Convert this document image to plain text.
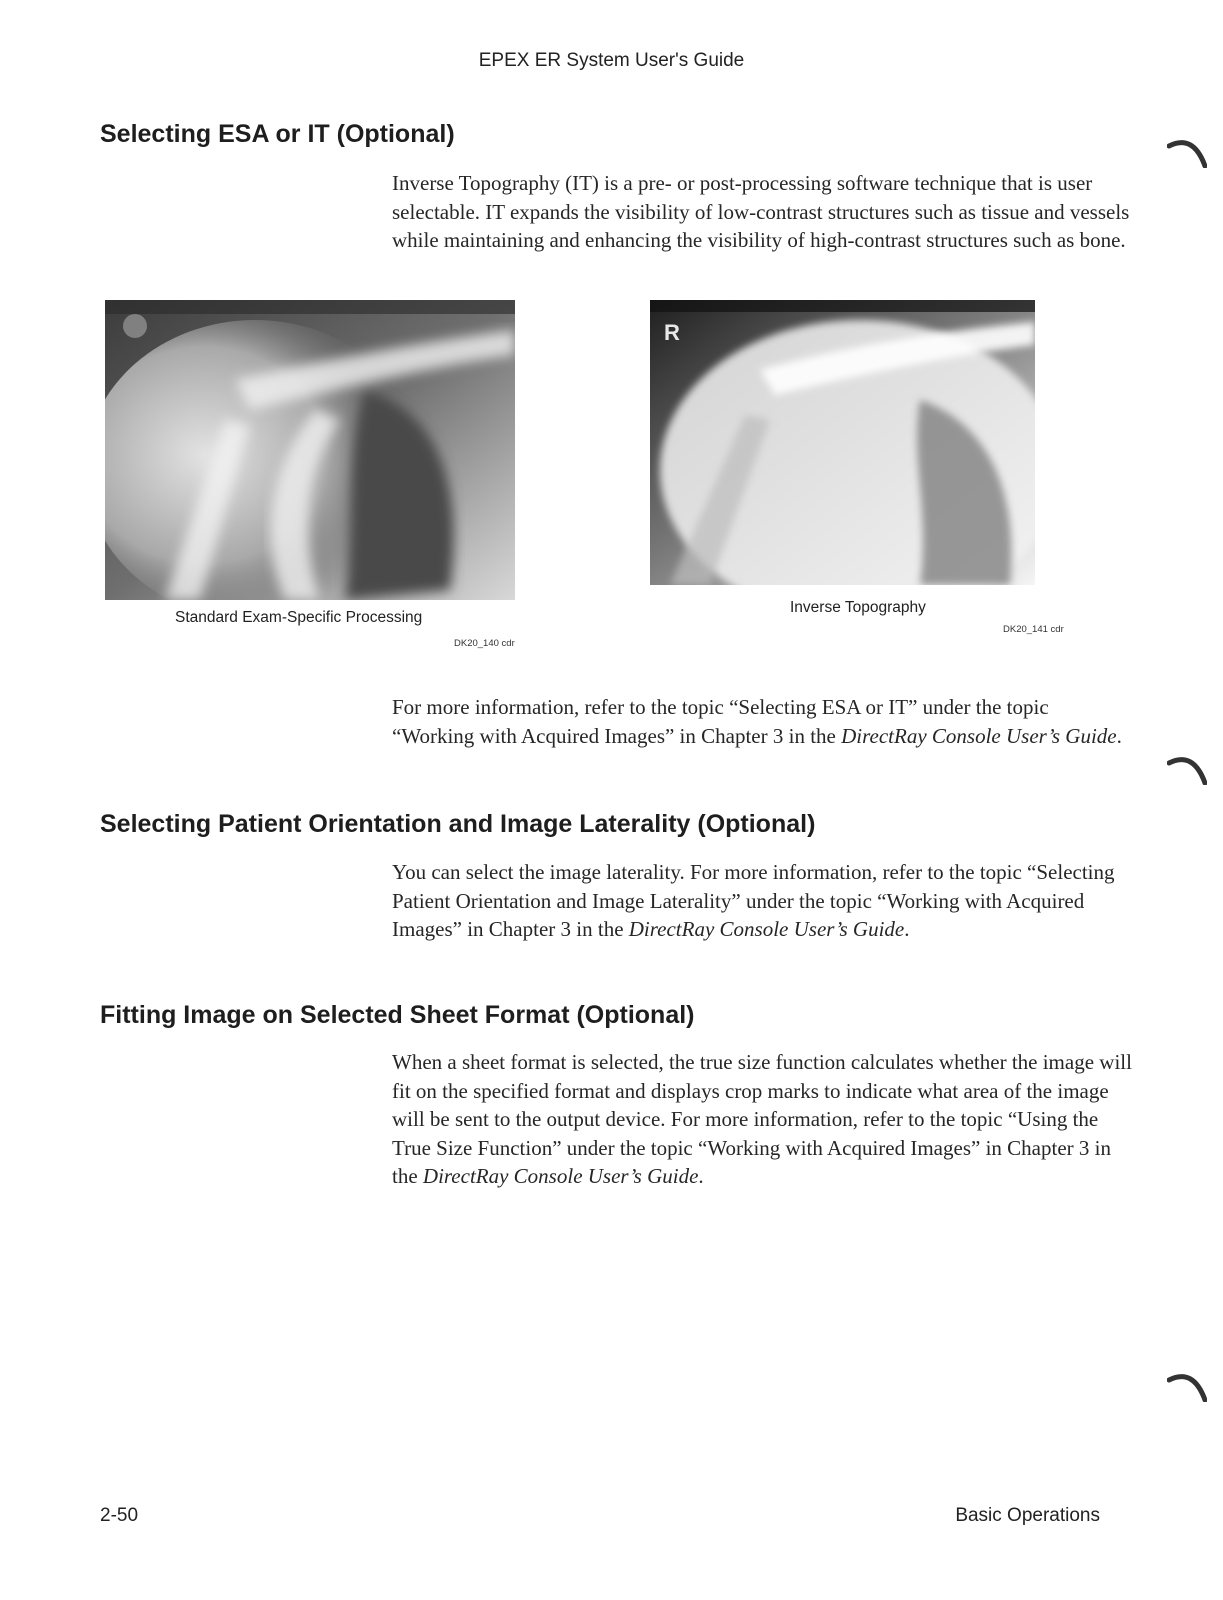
EPEX ER System User's Guide
Selecting ESA or IT (Optional)

Inverse Topography (IT) is a pre- or post-processing software technique that is user selectable. IT expands the visibility of low-contrast structures such as tissue and vessels while maintaining and enhancing the visibility of high-contrast structures such as bone.

Standard Exam-Specific Processing
DK20_140 cdr
R
Inverse Topography
DK20_141 cdr

For more information, refer to the topic “Selecting ESA or IT” under the topic “Working with Acquired Images” in Chapter 3 in the DirectRay Console User’s Guide.

Selecting Patient Orientation and Image Laterality (Optional)

You can select the image laterality. For more information, refer to the topic “Selecting Patient Orientation and Image Laterality” under the topic “Working with Acquired Images” in Chapter 3 in the DirectRay Console User’s Guide.

Fitting Image on Selected Sheet Format (Optional)

When a sheet format is selected, the true size function calculates whether the image will fit on the specified format and displays crop marks to indicate what area of the image will be sent to the output device. For more information, refer to the topic “Using the True Size Function” under the topic “Working with Acquired Images” in Chapter 3 in the DirectRay Console User’s Guide.

2-50	Basic Operations
